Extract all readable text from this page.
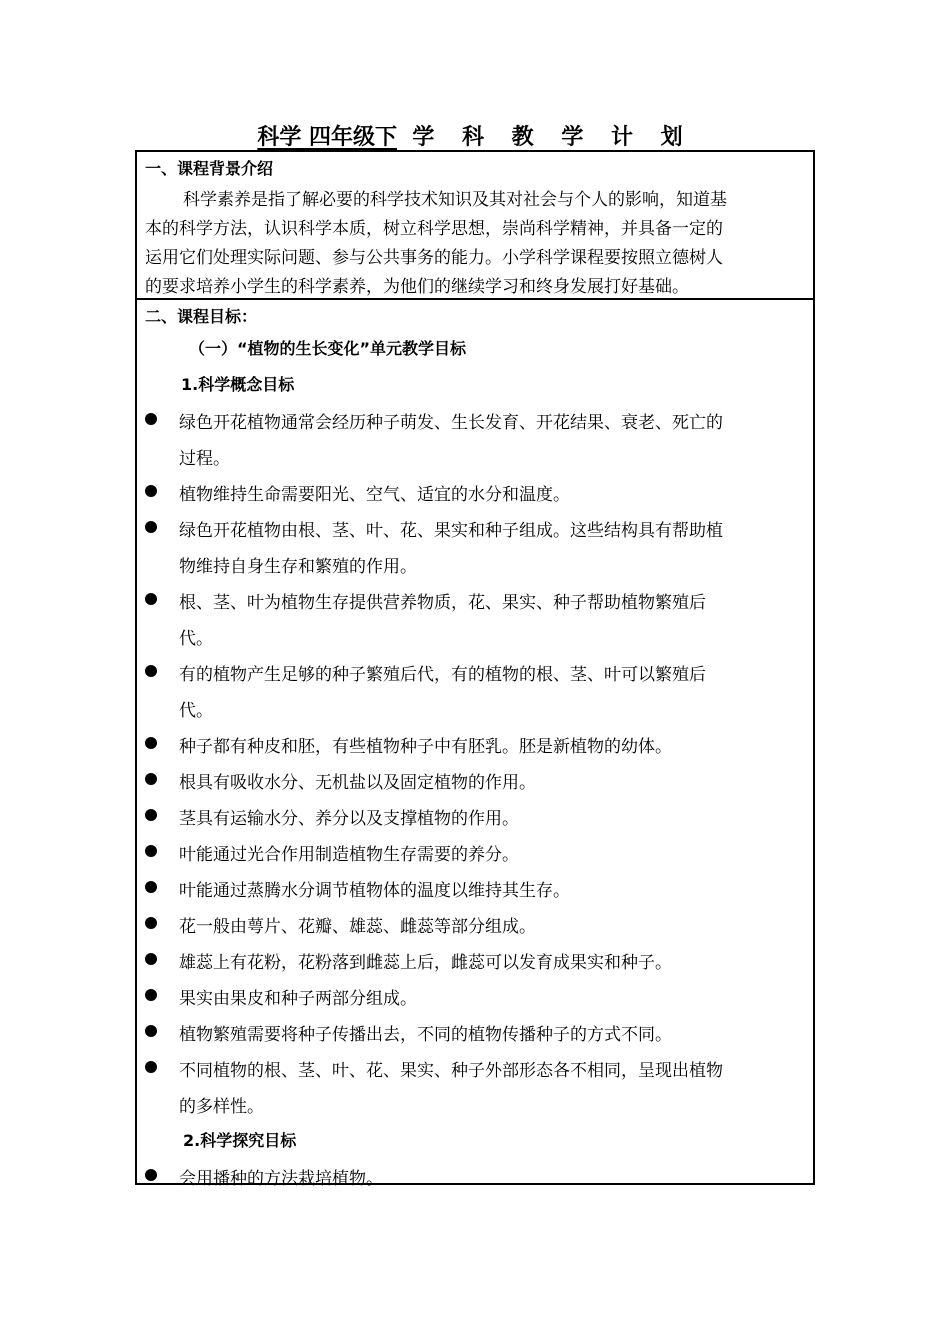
科学 四年级下 学 科 教 学 计 划
一、课程背景介绍
科学素养是指了解必要的科学技术知识及其对社会与个人的影响，知道基
本的科学方法，认识科学本质，树立科学思想，崇尚科学精神，并具备一定的
运用它们处理实际问题、参与公共事务的能力。小学科学课程要按照立德树人
的要求培养小学生的科学素养，为他们的继续学习和终身发展打好基础。
二、课程目标：
（一）“植物的生长变化”单元教学目标
1.科学概念目标
绿色开花植物通常会经历种子萌发、生长发育、开花结果、衰老、死亡的
过程。
植物维持生命需要阳光、空气、适宜的水分和温度。
绿色开花植物由根、茎、叶、花、果实和种子组成。这些结构具有帮助植
物维持自身生存和繁殖的作用。
根、茎、叶为植物生存提供营养物质，花、果实、种子帮助植物繁殖后
代。
有的植物产生足够的种子繁殖后代，有的植物的根、茎、叶可以繁殖后
代。
种子都有种皮和胚，有些植物种子中有胚乳。胚是新植物的幼体。
根具有吸收水分、无机盐以及固定植物的作用。
茎具有运输水分、养分以及支撑植物的作用。
叶能通过光合作用制造植物生存需要的养分。
叶能通过蒸腾水分调节植物体的温度以维持其生存。
花一般由萼片、花瓣、雄蕊、雌蕊等部分组成。
雄蕊上有花粉，花粉落到雌蕊上后，雌蕊可以发育成果实和种子。
果实由果皮和种子两部分组成。
植物繁殖需要将种子传播出去，不同的植物传播种子的方式不同。
不同植物的根、茎、叶、花、果实、种子外部形态各不相同，呈现出植物
的多样性。
2.科学探究目标
会用播种的方法栽培植物。
